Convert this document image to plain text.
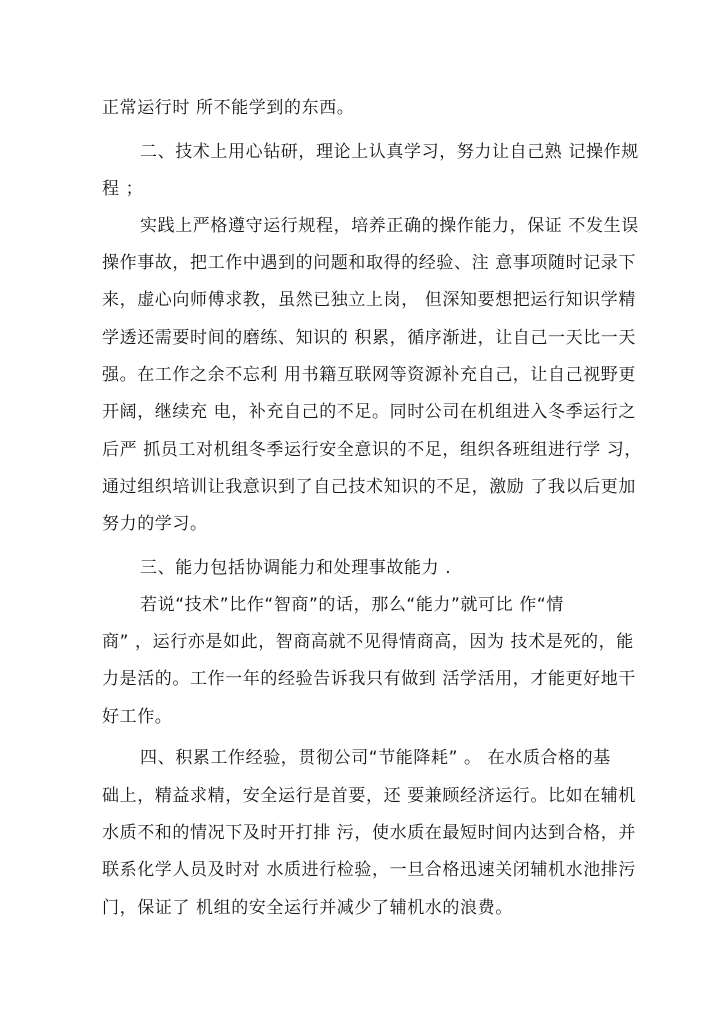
正常运行时 所不能学到的东西。
二、技术上用心钻研，理论上认真学习，努力让自己熟 记操作规
程 ；
实践上严格遵守运行规程，培养正确的操作能力，保证 不发生误
操作事故，把工作中遇到的问题和取得的经验、注 意事项随时记录下
来，虚心向师傅求教，虽然已独立上岗， 但深知要想把运行知识学精
学透还需要时间的磨练、知识的 积累，循序渐进，让自己一天比一天
强。在工作之余不忘利 用书籍互联网等资源补充自己，让自己视野更
开阔，继续充 电，补充自己的不足。同时公司在机组进入冬季运行之
后严 抓员工对机组冬季运行安全意识的不足，组织各班组进行学 习，
通过组织培训让我意识到了自己技术知识的不足，激励 了我以后更加
努力的学习。
三、能力包括协调能力和处理事故能力 .
若说“技术”比作“智商”的话，那么“能力”就可比 作“情
商” ，运行亦是如此，智商高就不见得情商高，因为 技术是死的，能
力是活的。工作一年的经验告诉我只有做到 活学活用，才能更好地干
好工作。
四、积累工作经验，贯彻公司“节能降耗” 。 在水质合格的基
础上，精益求精，安全运行是首要，还 要兼顾经济运行。比如在辅机
水质不和的情况下及时开打排 污，使水质在最短时间内达到合格，并
联系化学人员及时对 水质进行检验，一旦合格迅速关闭辅机水池排污
门，保证了 机组的安全运行并减少了辅机水的浪费。
